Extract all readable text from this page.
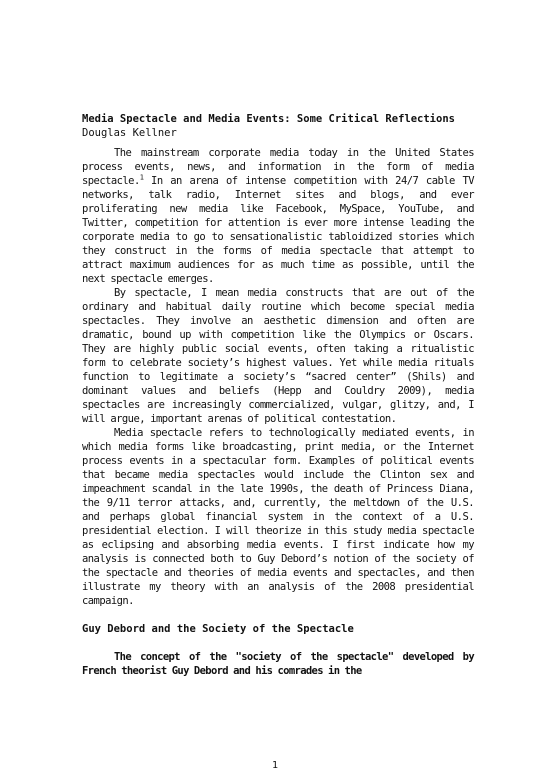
Media Spectacle and Media Events: Some Critical Reflections

Douglas Kellner

The mainstream corporate media today in the United States process events, news, and information in the form of media spectacle.$^1$ In an arena of intense competition with 24/7 cable TV networks, talk radio, Internet sites and blogs, and ever proliferating new media like Facebook, MySpace, YouTube, and Twitter, competition for attention is ever more intense leading the corporate media to go to sensationalistic tabloidized stories which they construct in the forms of media spectacle that attempt to attract maximum audiences for as much time as possible, until the next spectacle emerges.

By spectacle, I mean media constructs that are out of the ordinary and habitual daily routine which become special media spectacles. They involve an aesthetic dimension and often are dramatic, bound up with competition like the Olympics or Oscars. They are highly public social events, often taking a ritualistic form to celebrate society’s highest values. Yet while media rituals function to legitimate a society’s “sacred center” (Shils) and dominant values and beliefs (Hepp and Couldry 2009), media spectacles are increasingly commercialized, vulgar, glitzy, and, I will argue, important arenas of political contestation.

Media spectacle refers to technologically mediated events, in which media forms like broadcasting, print media, or the Internet process events in a spectacular form. Examples of political events that became media spectacles would include the Clinton sex and impeachment scandal in the late 1990s, the death of Princess Diana, the 9/11 terror attacks, and, currently, the meltdown of the U.S. and perhaps global financial system in the context of a U.S. presidential election. I will theorize in this study media spectacle as eclipsing and absorbing media events. I first indicate how my analysis is connected both to Guy Debord’s notion of the society of the spectacle and theories of media events and spectacles, and then illustrate my theory with an analysis of the 2008 presidential campaign.

Guy Debord and the Society of the Spectacle

The concept of the "society of the spectacle" developed by French theorist Guy Debord and his comrades in the

1
